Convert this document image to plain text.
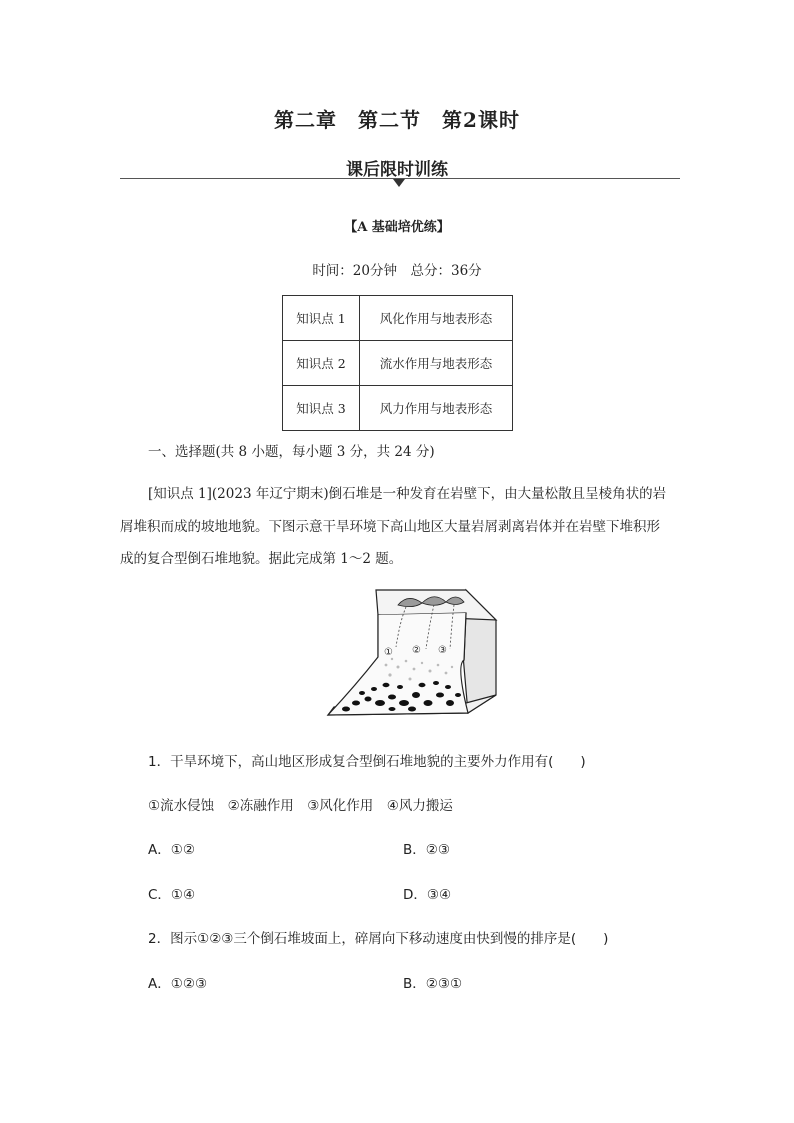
第二章　第二节　第2课时
课后限时训练
【A 基础培优练】
时间：20分钟　总分：36分
知识点 1	风化作用与地表形态
知识点 2	流水作用与地表形态
知识点 3	风力作用与地表形态
一、选择题(共 8 小题，每小题 3 分，共 24 分)
[知识点 1](2023 年辽宁期末)倒石堆是一种发育在岩壁下，由大量松散且呈棱角状的岩
屑堆积而成的坡地地貌。下图示意干旱环境下高山地区大量岩屑剥离岩体并在岩壁下堆积形
成的复合型倒石堆地貌。据此完成第 1～2 题。
① ② ③
1．干旱环境下，高山地区形成复合型倒石堆地貌的主要外力作用有(　　)
①流水侵蚀　②冻融作用　③风化作用　④风力搬运
A．①②	B．②③
C．①④	D．③④
2．图示①②③三个倒石堆坡面上，碎屑向下移动速度由快到慢的排序是(　　)
A．①②③	B．②③①
